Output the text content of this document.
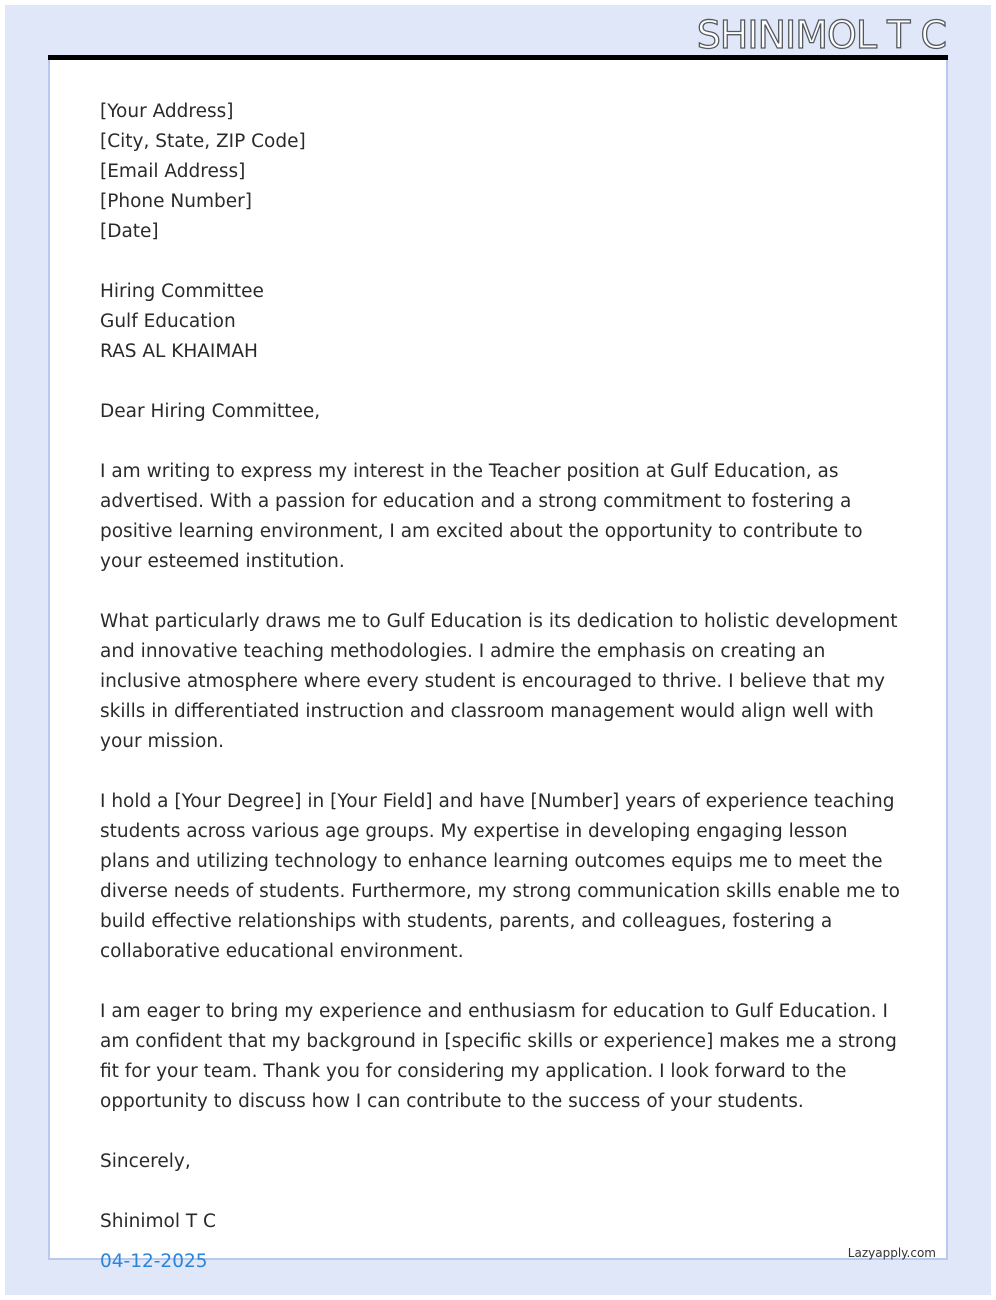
SHINIMOL T C
[Your Address]
[City, State, ZIP Code]
[Email Address]
[Phone Number]
[Date]
Hiring Committee
Gulf Education
RAS AL KHAIMAH

Dear Hiring Committee,

I am writing to express my interest in the Teacher position at Gulf Education, as advertised. With a passion for education and a strong commitment to fostering a positive learning environment, I am excited about the opportunity to contribute to your esteemed institution.

What particularly draws me to Gulf Education is its dedication to holistic development and innovative teaching methodologies. I admire the emphasis on creating an inclusive atmosphere where every student is encouraged to thrive. I believe that my skills in differentiated instruction and classroom management would align well with your mission.

I hold a [Your Degree] in [Your Field] and have [Number] years of experience teaching students across various age groups. My expertise in developing engaging lesson plans and utilizing technology to enhance learning outcomes equips me to meet the diverse needs of students. Furthermore, my strong communication skills enable me to build effective relationships with students, parents, and colleagues, fostering a collaborative educational environment.

I am eager to bring my experience and enthusiasm for education to Gulf Education. I am confident that my background in [specific skills or experience] makes me a strong fit for your team. Thank you for considering my application. I look forward to the opportunity to discuss how I can contribute to the success of your students.

Sincerely,

Shinimol T C
04-12-2025	Lazyapply.com
